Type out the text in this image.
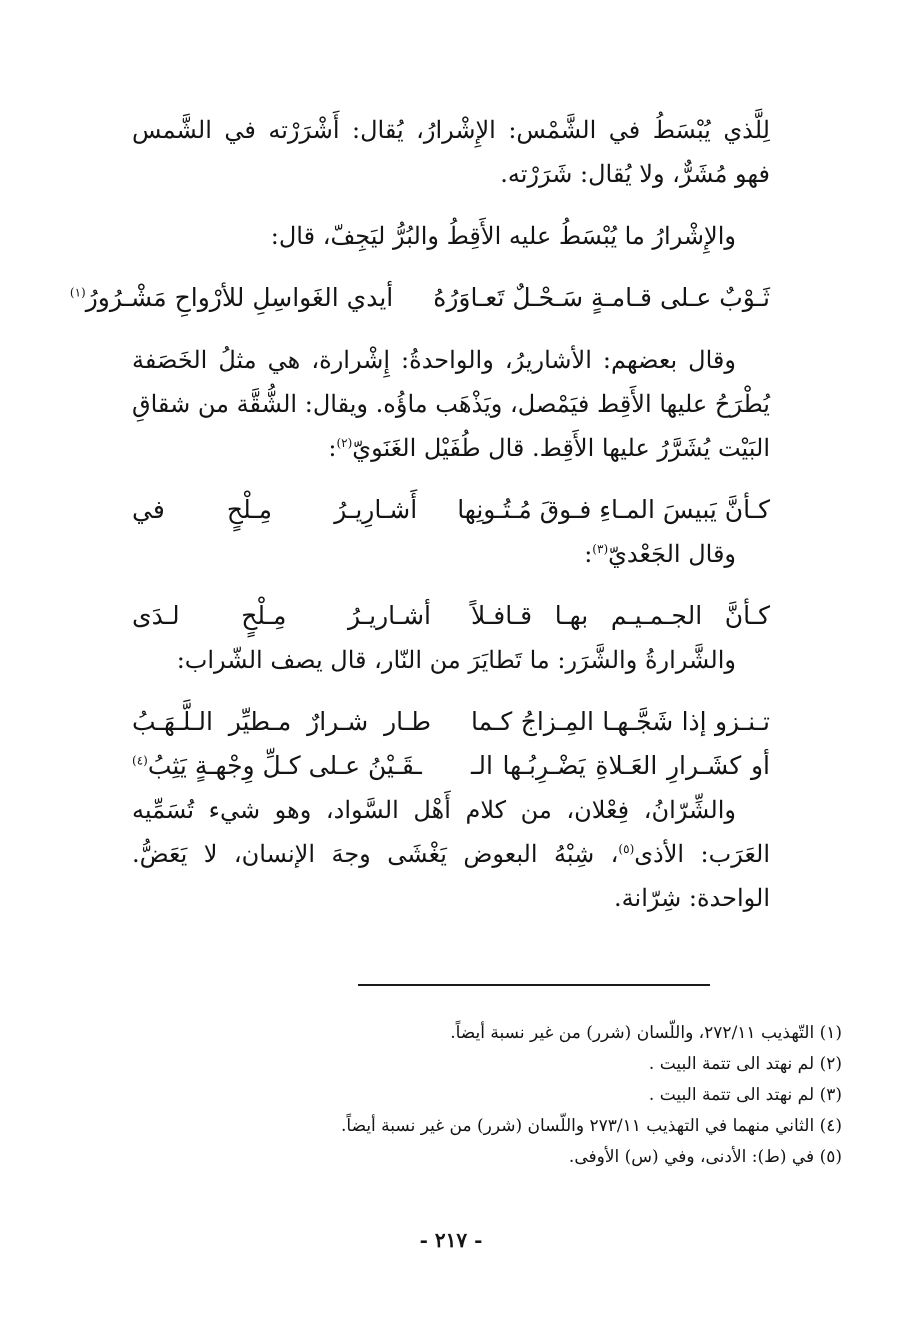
لِلَّذي يُبْسَطُ في الشَّمْس: الإِشْرارُ، يُقال: أَشْرَرْته في الشَّمس فهو مُشَرٌّ، ولا يُقال: شَرَرْته.

والإِشْرارُ ما يُبْسَطُ عليه الأَقِطُ والبُرُّ ليَجِفّ، قال:

ثَـوْبٌ عـلى قـامـةٍ سَـحْـلٌ تَعـاوَرُهُ
أيدي الغَواسِلِ للأرْواحِ مَشْـرُورُ$^{(١)}$

وقال بعضهم: الأشاريرُ، والواحدةُ: إِشْرارة، هي مثلُ الخَصَفة يُطْرَحُ عليها الأَقِط فيَمْصل، ويَذْهَب ماؤُه. ويقال: الشُّقَّة من شقاقِ البَيْت يُشَرَّرُ عليها الأَقِط. قال طُفَيْل الغَنَويّ$^{(٢)}$:

كـأنَّ يَبيسَ المـاءِ فـوقَ مُـتُـونِها
أَشـارِيـرُ مِـلْحٍ في

وقال الجَعْديّ$^{(٣)}$:

كـأنَّ الجـمـيـم بهـا قـافـلاً
أشـاريـرُ مِـلْحٍ لـدَى

والشَّرارةُ والشَّرَر: ما تَطايَرَ من النّار، قال يصف الشّراب:

تـنـزو إذا شَجَّـهـا المِـزاجُ كـما
طـار شـرارٌ مـطيِّر الـلَّـهَـبُ
أو كشَـرارِ العَـلاةِ يَضْـرِبُـها الـ
ـقَـيْنُ عـلى كـلِّ وِجْهـةٍ يَثِبُ$^{(٤)}$

والشِّرّانُ، فِعْلان، من كلام أَهْل السَّواد، وهو شيء تُسَمِّيه العَرَب: الأذى$^{(٥)}$، شِبْهُ البعوض يَغْشَى وجهَ الإنسان، لا يَعَضُّ. الواحدة: شِرّانة.

(١) التّهذيب ٢٧٢/١١، واللّسان (شرر) من غير نسبة أيضاً.

(٢) لم نهتد الى تتمة البيت .

(٣) لم نهتد الى تتمة البيت .

(٤) الثاني منهما في التهذيب ٢٧٣/١١ واللّسان (شرر) من غير نسبة أيضاً.

(٥) في (ط): الأدنى، وفي (س) الأوفى.

- ٢١٧ -
